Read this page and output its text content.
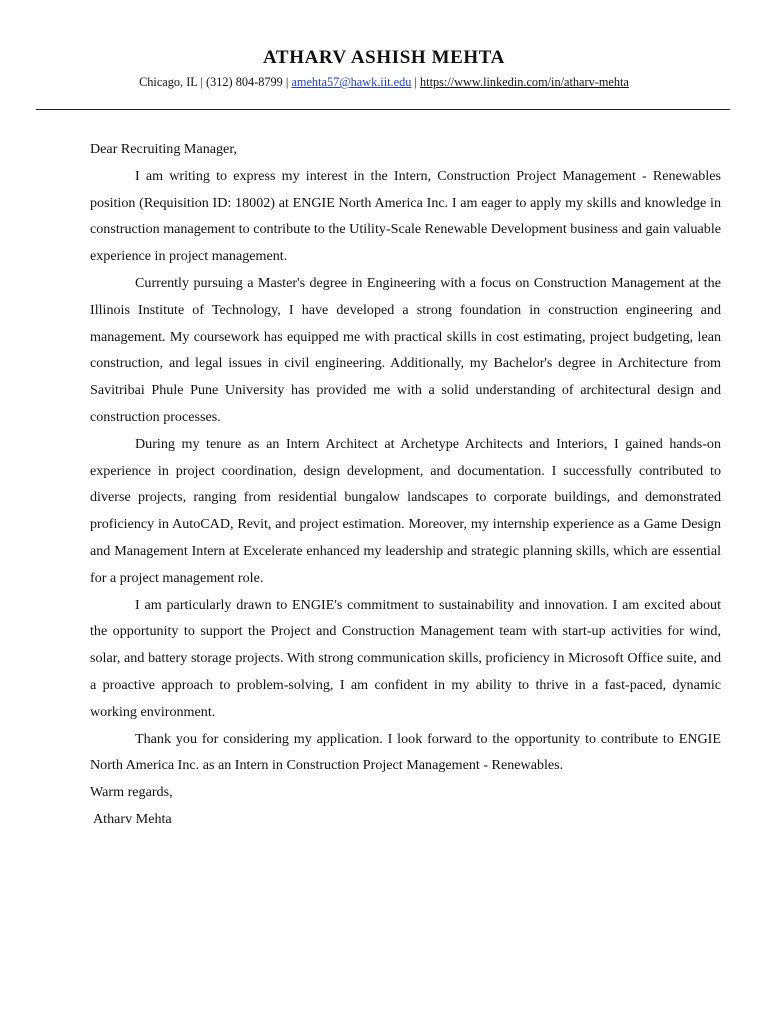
ATHARV ASHISH MEHTA
Chicago, IL | (312) 804-8799 | amehta57@hawk.iit.edu | https://www.linkedin.com/in/atharv-mehta

Dear Recruiting Manager,

I am writing to express my interest in the Intern, Construction Project Management - Renewables position (Requisition ID: 18002) at ENGIE North America Inc. I am eager to apply my skills and knowledge in construction management to contribute to the Utility-Scale Renewable Development business and gain valuable experience in project management.

Currently pursuing a Master's degree in Engineering with a focus on Construction Management at the Illinois Institute of Technology, I have developed a strong foundation in construction engineering and management. My coursework has equipped me with practical skills in cost estimating, project budgeting, lean construction, and legal issues in civil engineering. Additionally, my Bachelor's degree in Architecture from Savitribai Phule Pune University has provided me with a solid understanding of architectural design and construction processes.

During my tenure as an Intern Architect at Archetype Architects and Interiors, I gained hands-on experience in project coordination, design development, and documentation. I successfully contributed to diverse projects, ranging from residential bungalow landscapes to corporate buildings, and demonstrated proficiency in AutoCAD, Revit, and project estimation. Moreover, my internship experience as a Game Design and Management Intern at Excelerate enhanced my leadership and strategic planning skills, which are essential for a project management role.

I am particularly drawn to ENGIE's commitment to sustainability and innovation. I am excited about the opportunity to support the Project and Construction Management team with start-up activities for wind, solar, and battery storage projects. With strong communication skills, proficiency in Microsoft Office suite, and a proactive approach to problem-solving, I am confident in my ability to thrive in a fast-paced, dynamic working environment.

Thank you for considering my application. I look forward to the opportunity to contribute to ENGIE North America Inc. as an Intern in Construction Project Management - Renewables.

Warm regards,

Atharv Mehta
